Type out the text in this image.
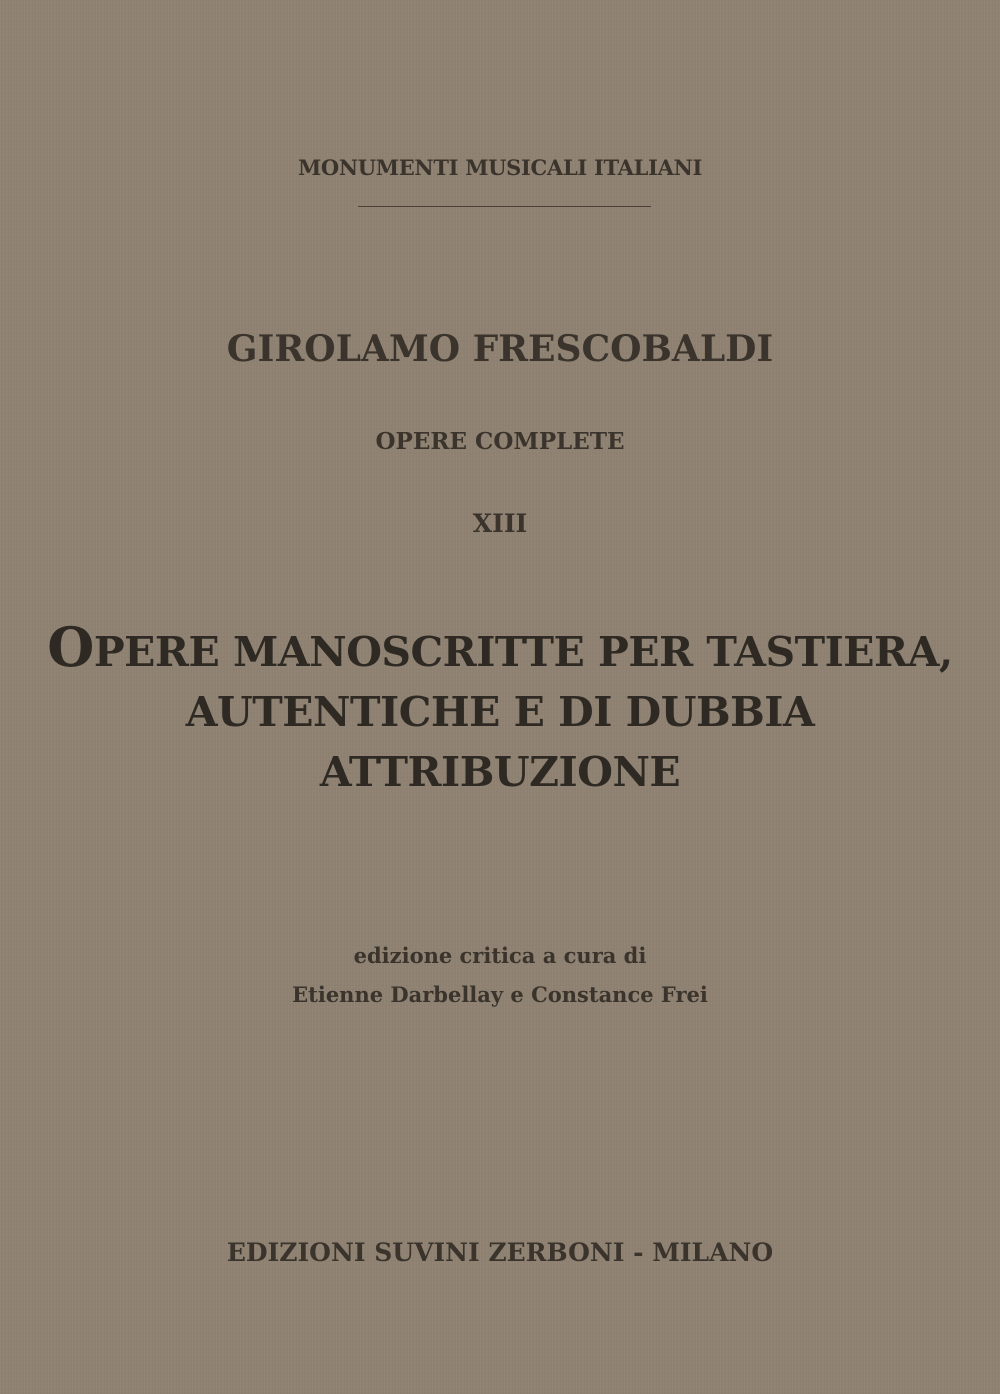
MONUMENTI MUSICALI ITALIANI
GIROLAMO FRESCOBALDI
OPERE COMPLETE
XIII
OPERE MANOSCRITTE PER TASTIERA,
AUTENTICHE E DI DUBBIA
ATTRIBUZIONE
edizione critica a cura di
Etienne Darbellay e Constance Frei
EDIZIONI SUVINI ZERBONI - MILANO
